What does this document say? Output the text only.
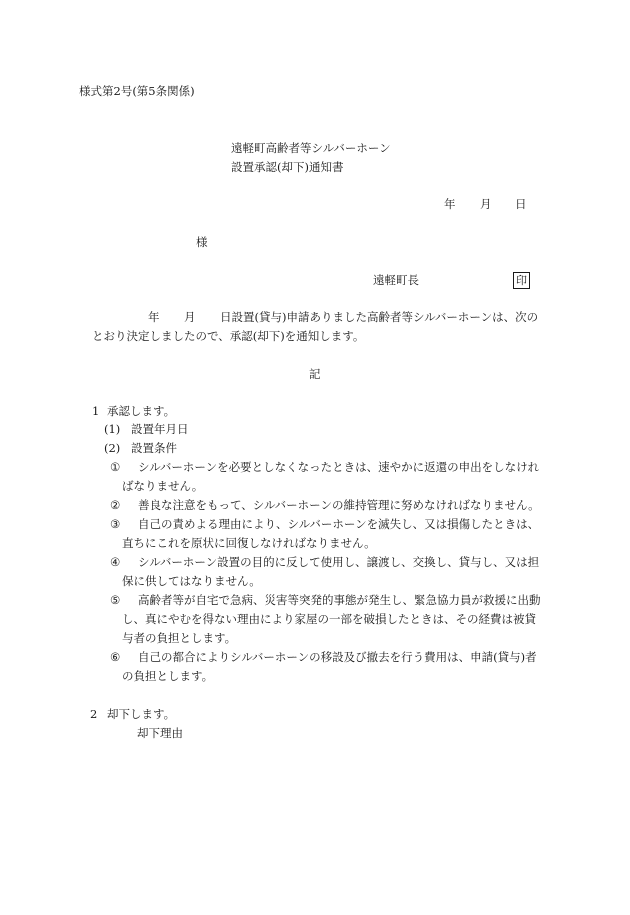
様式第2号(第5条関係)
遠軽町高齢者等シルバーホーン
設置承認(却下)通知書
年 月 日
様
遠軽町長	印
年 月 日設置(貸与)申請ありました高齢者等シルバーホーンは、次の
とおり決定しましたので、承認(却下)を通知します。
記
1 承認します。
(1) 設置年月日
(2) 設置条件
① シルバーホーンを必要としなくなったときは、速やかに返還の申出をしなけれ
ばなりません。
② 善良な注意をもって、シルバーホーンの維持管理に努めなければなりません。
③ 自己の責めよる理由により、シルバーホーンを滅失し、又は損傷したときは、
直ちにこれを原状に回復しなければなりません。
④ シルバーホーン設置の目的に反して使用し、譲渡し、交換し、貸与し、又は担
保に供してはなりません。
⑤ 高齢者等が自宅で急病、災害等突発的事態が発生し、緊急協力員が救援に出動
し、真にやむを得ない理由により家屋の一部を破損したときは、その経費は被貸
与者の負担とします。
⑥ 自己の都合によりシルバーホーンの移設及び撤去を行う費用は、申請(貸与)者
の負担とします。
2 却下します。
却下理由
